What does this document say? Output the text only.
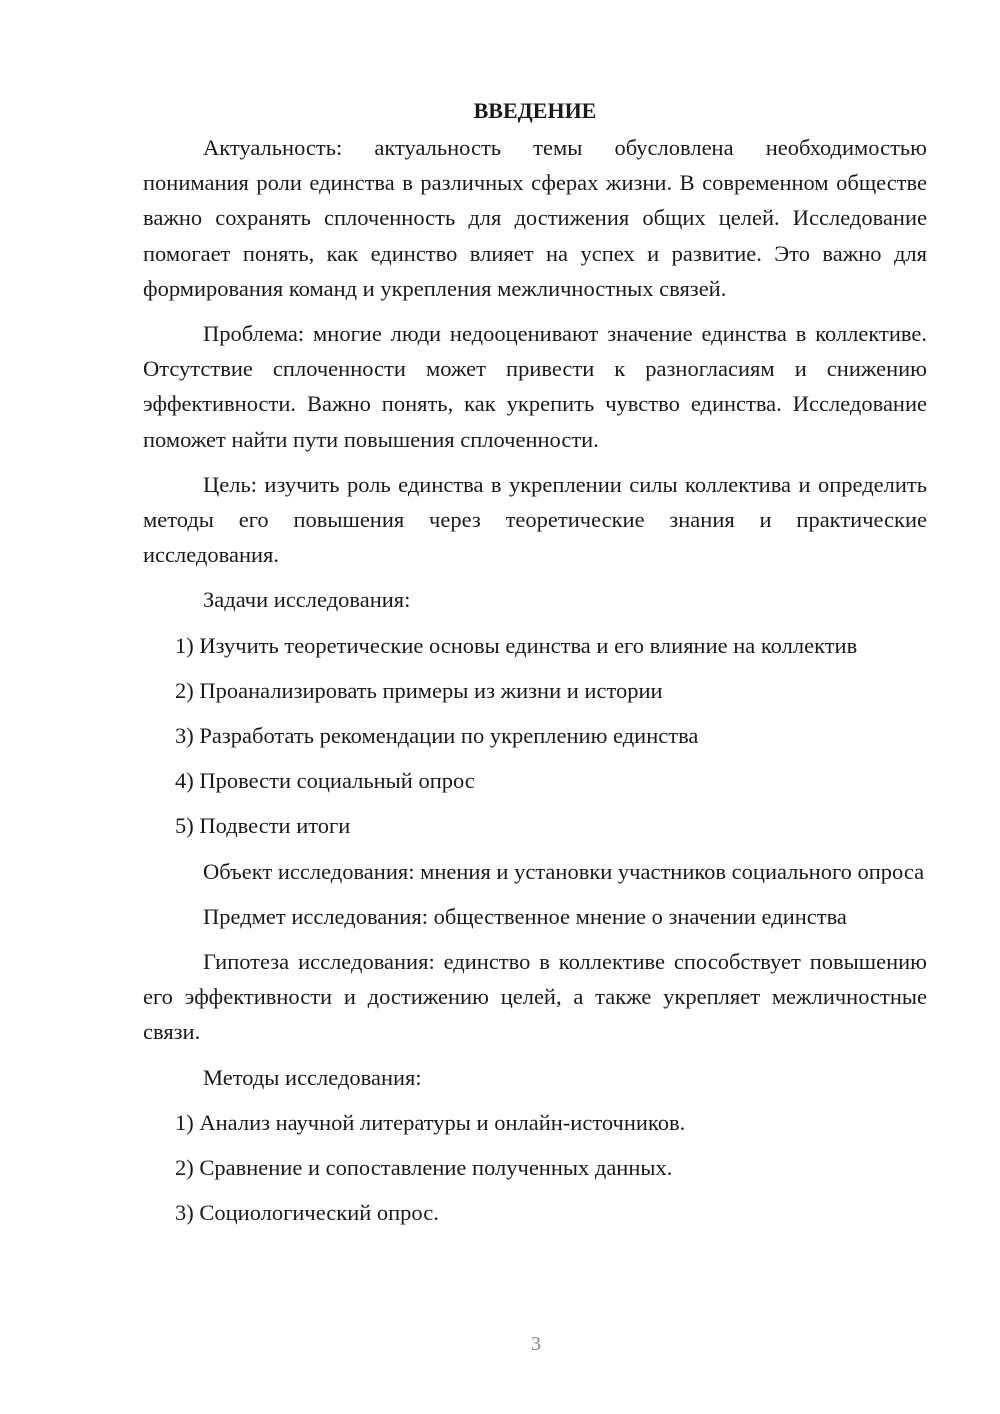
ВВЕДЕНИЕ

Актуальность: актуальность темы обусловлена необходимостью понимания роли единства в различных сферах жизни. В современном обществе важно сохранять сплоченность для достижения общих целей. Исследование помогает понять, как единство влияет на успех и развитие. Это важно для формирования команд и укрепления межличностных связей.

Проблема: многие люди недооценивают значение единства в коллективе. Отсутствие сплоченности может привести к разногласиям и снижению эффективности. Важно понять, как укрепить чувство единства. Исследование поможет найти пути повышения сплоченности.

Цель: изучить роль единства в укреплении силы коллектива и определить методы его повышения через теоретические знания и практические исследования.

Задачи исследования:

1) Изучить теоретические основы единства и его влияние на коллектив
2) Проанализировать примеры из жизни и истории
3) Разработать рекомендации по укреплению единства
4) Провести социальный опрос
5) Подвести итоги

Объект исследования: мнения и установки участников социального опроса

Предмет исследования: общественное мнение о значении единства

Гипотеза исследования: единство в коллективе способствует повышению его эффективности и достижению целей, а также укрепляет межличностные связи.

Методы исследования:

1) Анализ научной литературы и онлайн-источников.
2) Сравнение и сопоставление полученных данных.
3) Социологический опрос.
3
